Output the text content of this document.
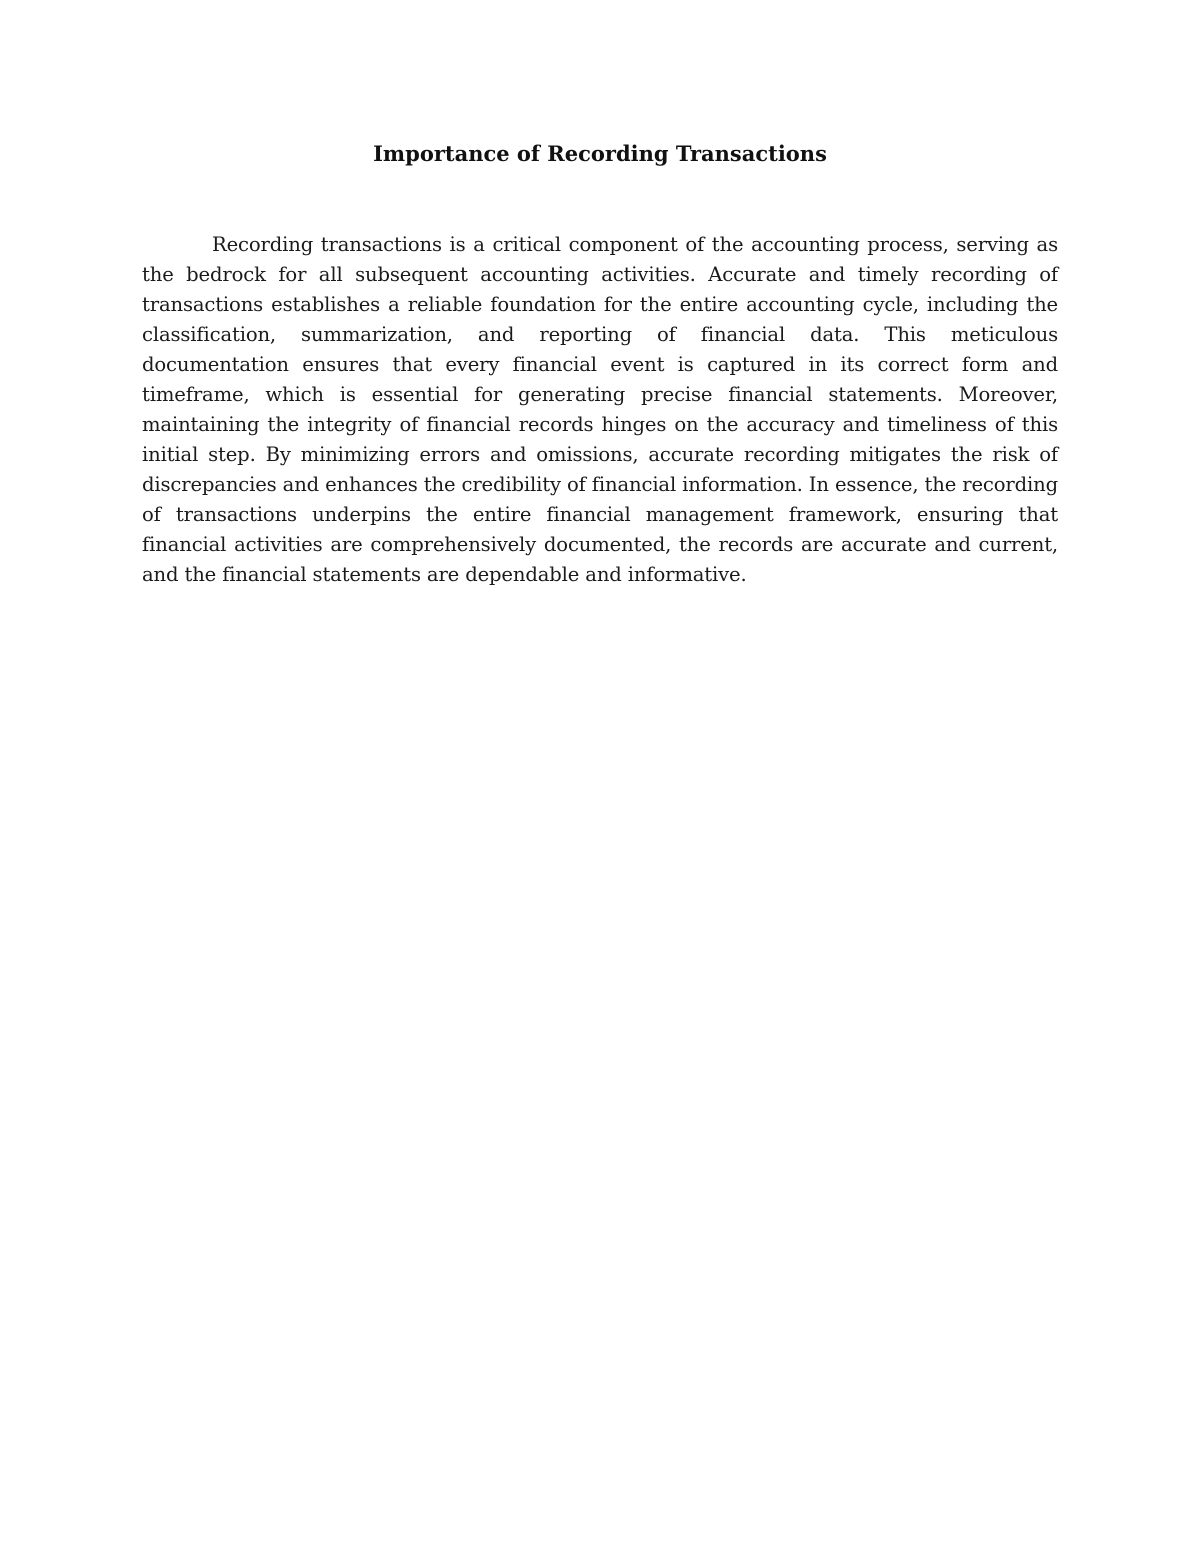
Importance of Recording Transactions

Recording transactions is a critical component of the accounting process, serving as the bedrock for all subsequent accounting activities. Accurate and timely recording of transactions establishes a reliable foundation for the entire accounting cycle, including the classification, summarization, and reporting of financial data. This meticulous documentation ensures that every financial event is captured in its correct form and timeframe, which is essential for generating precise financial statements. Moreover, maintaining the integrity of financial records hinges on the accuracy and timeliness of this initial step. By minimizing errors and omissions, accurate recording mitigates the risk of discrepancies and enhances the credibility of financial information. In essence, the recording of transactions underpins the entire financial management framework, ensuring that financial activities are comprehensively documented, the records are accurate and current, and the financial statements are dependable and informative.
